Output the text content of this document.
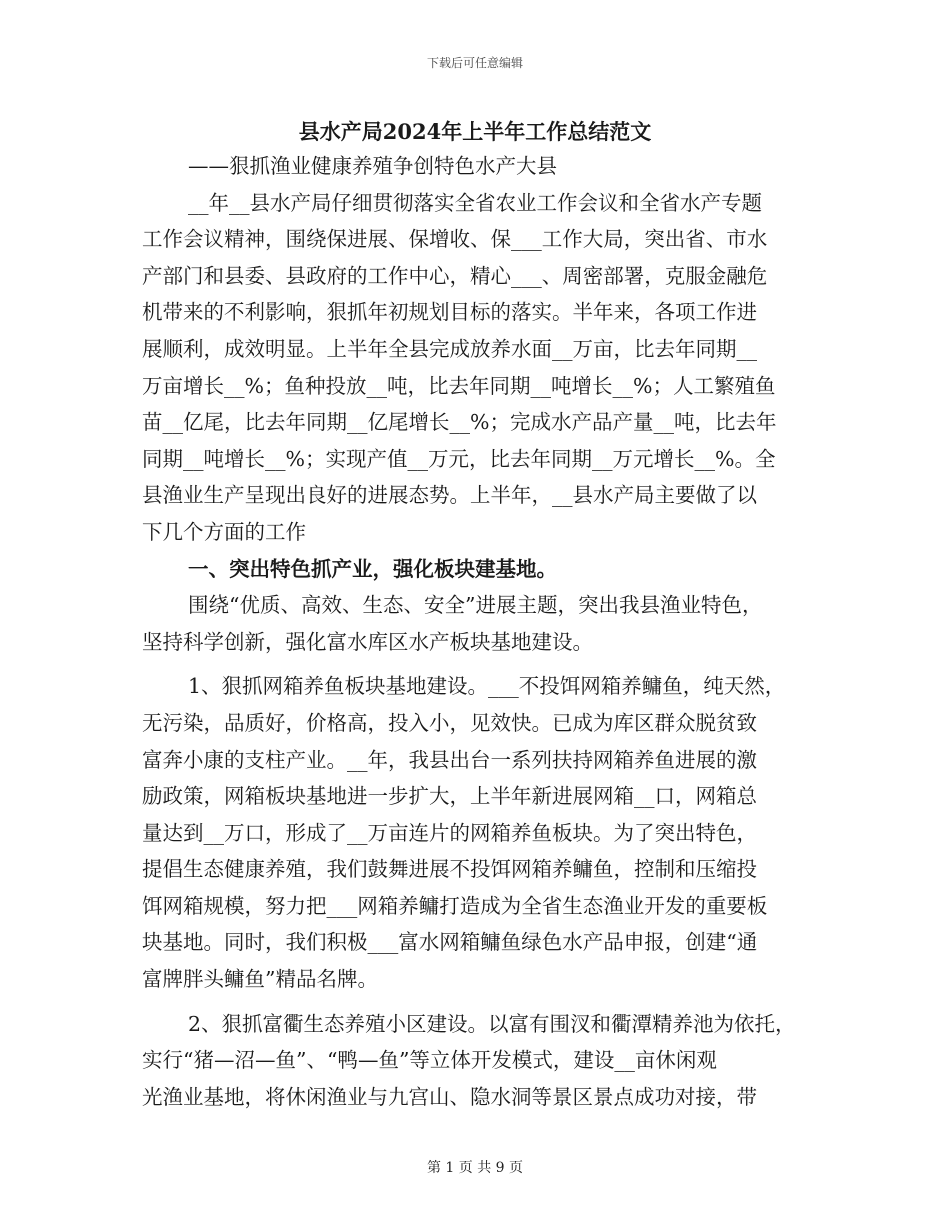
下载后可任意编辑
县水产局2024年上半年工作总结范文
——狠抓渔业健康养殖争创特色水产大县
__年__县水产局仔细贯彻落实全省农业工作会议和全省水产专题
工作会议精神，围绕保进展、保增收、保___工作大局，突出省、市水
产部门和县委、县政府的工作中心，精心___、周密部署，克服金融危
机带来的不利影响，狠抓年初规划目标的落实。半年来，各项工作进
展顺利，成效明显。上半年全县完成放养水面__万亩，比去年同期__
万亩增长__%；鱼种投放__吨，比去年同期__吨增长__%；人工繁殖鱼
苗__亿尾，比去年同期__亿尾增长__%；完成水产品产量__吨，比去年
同期__吨增长__%；实现产值__万元，比去年同期__万元增长__%。全
县渔业生产呈现出良好的进展态势。上半年，__县水产局主要做了以
下几个方面的工作
一、突出特色抓产业，强化板块建基地。
围绕“优质、高效、生态、安全”进展主题，突出我县渔业特色，
坚持科学创新，强化富水库区水产板块基地建设。
1、狠抓网箱养鱼板块基地建设。___不投饵网箱养鳙鱼，纯天然，
无污染，品质好，价格高，投入小，见效快。已成为库区群众脱贫致
富奔小康的支柱产业。__年，我县出台一系列扶持网箱养鱼进展的激
励政策，网箱板块基地进一步扩大，上半年新进展网箱__口，网箱总
量达到__万口，形成了__万亩连片的网箱养鱼板块。为了突出特色，
提倡生态健康养殖，我们鼓舞进展不投饵网箱养鳙鱼，控制和压缩投
饵网箱规模，努力把___网箱养鳙打造成为全省生态渔业开发的重要板
块基地。同时，我们积极___富水网箱鳙鱼绿色水产品申报，创建“通
富牌胖头鳙鱼”精品名牌。
2、狠抓富衢生态养殖小区建设。以富有围汊和衢潭精养池为依托，
实行“猪—沼—鱼”、“鸭—鱼”等立体开发模式，建设__亩休闲观
光渔业基地，将休闲渔业与九宫山、隐水洞等景区景点成功对接，带
第 1 页 共 9 页
